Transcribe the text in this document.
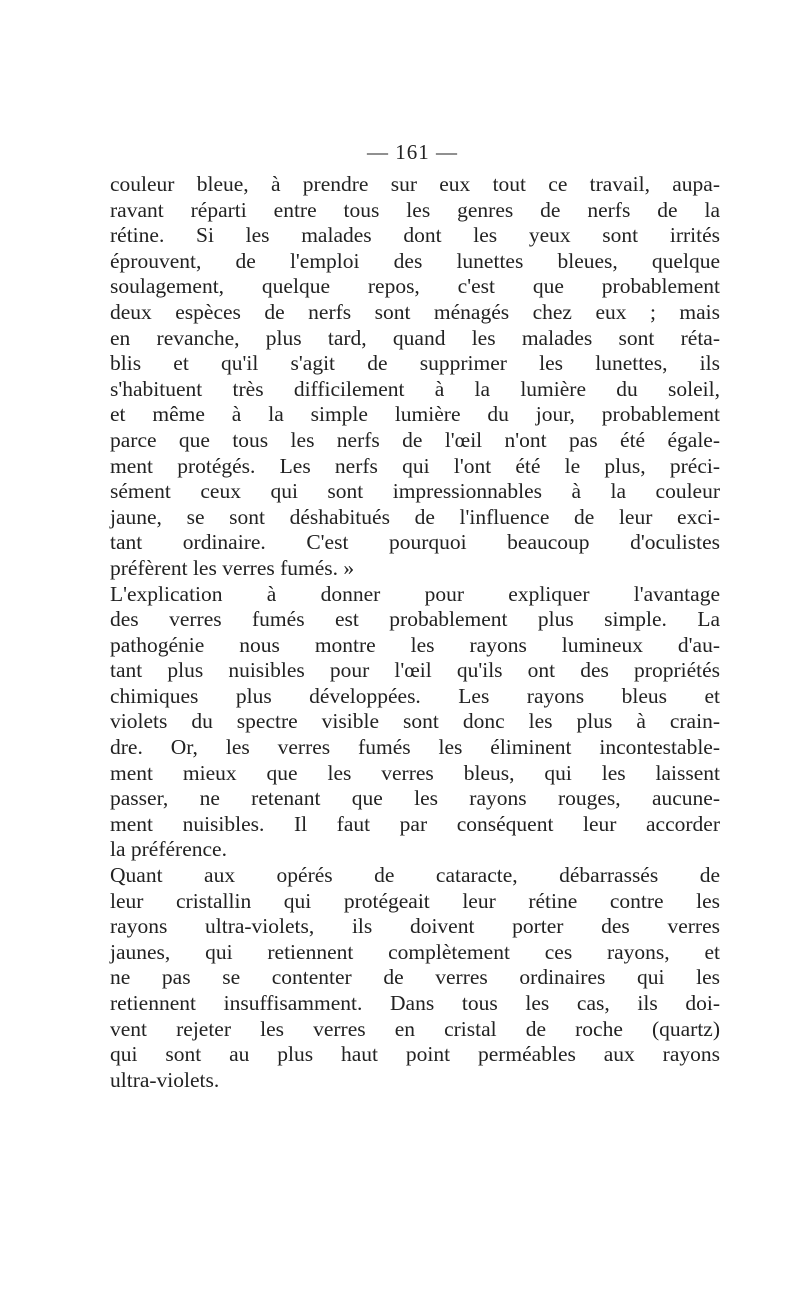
— 161 —
couleur bleue, à prendre sur eux tout ce travail, aupa-
ravant réparti entre tous les genres de nerfs de la
rétine. Si les malades dont les yeux sont irrités
éprouvent, de l'emploi des lunettes bleues, quelque
soulagement, quelque repos, c'est que probablement
deux espèces de nerfs sont ménagés chez eux ; mais
en revanche, plus tard, quand les malades sont réta-
blis et qu'il s'agit de supprimer les lunettes, ils
s'habituent très difficilement à la lumière du soleil,
et même à la simple lumière du jour, probablement
parce que tous les nerfs de l'œil n'ont pas été égale-
ment protégés. Les nerfs qui l'ont été le plus, préci-
sément ceux qui sont impressionnables à la couleur
jaune, se sont déshabitués de l'influence de leur exci-
tant ordinaire. C'est pourquoi beaucoup d'oculistes
préfèrent les verres fumés. »
L'explication à donner pour expliquer l'avantage
des verres fumés est probablement plus simple. La
pathogénie nous montre les rayons lumineux d'au-
tant plus nuisibles pour l'œil qu'ils ont des propriétés
chimiques plus développées. Les rayons bleus et
violets du spectre visible sont donc les plus à crain-
dre. Or, les verres fumés les éliminent incontestable-
ment mieux que les verres bleus, qui les laissent
passer, ne retenant que les rayons rouges, aucune-
ment nuisibles. Il faut par conséquent leur accorder
la préférence.
Quant aux opérés de cataracte, débarrassés de
leur cristallin qui protégeait leur rétine contre les
rayons ultra-violets, ils doivent porter des verres
jaunes, qui retiennent complètement ces rayons, et
ne pas se contenter de verres ordinaires qui les
retiennent insuffisamment. Dans tous les cas, ils doi-
vent rejeter les verres en cristal de roche (quartz)
qui sont au plus haut point perméables aux rayons
ultra-violets.
